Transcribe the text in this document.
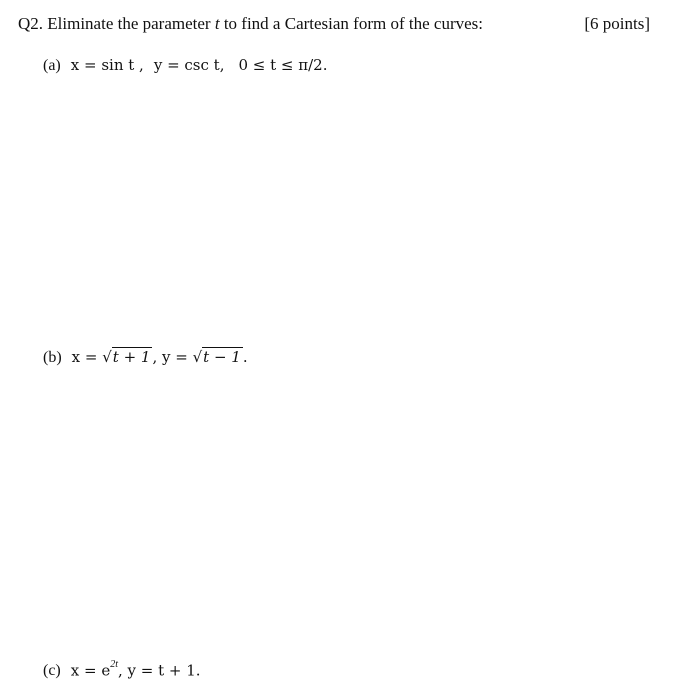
Q2. Eliminate the parameter t to find a Cartesian form of the curves:	[6 points]
(a) x = sin t , y = csc t, 0 ≤ t ≤ π/2.
(b) x = √t + 1 , y = √t − 1 .
(c) $x = e^{2t}$, y = t + 1.
